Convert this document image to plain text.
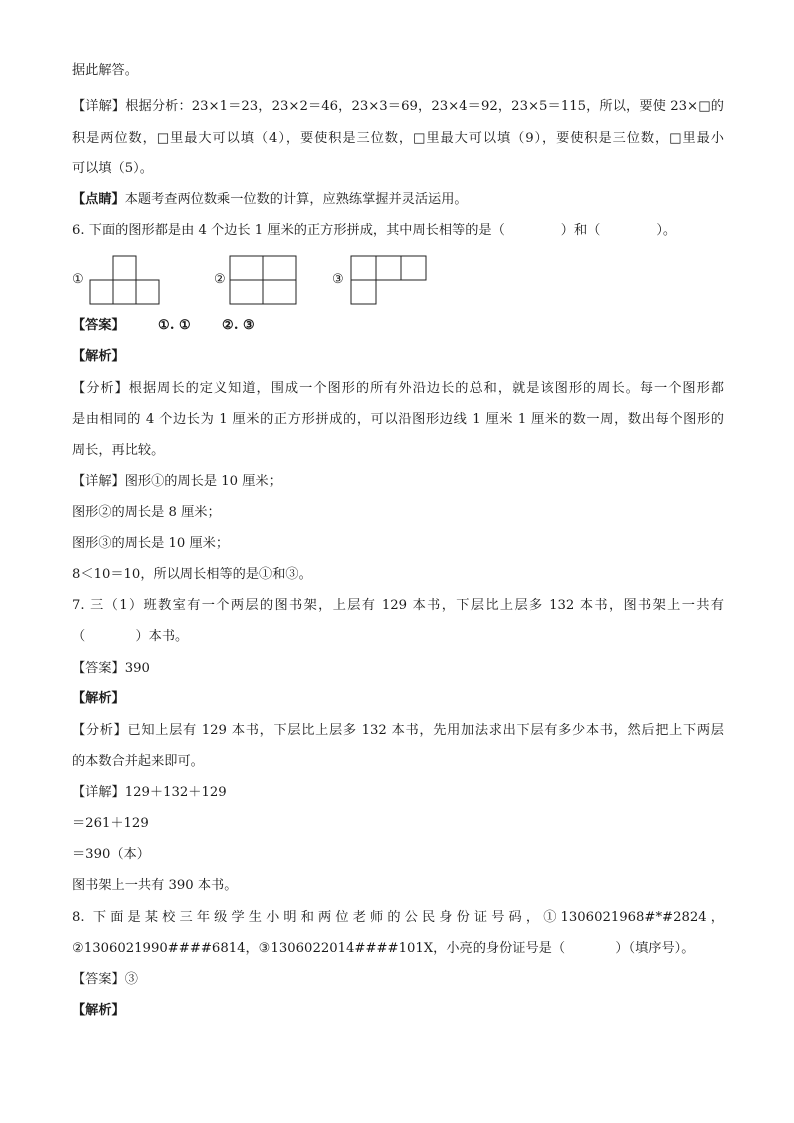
据此解答。
【详解】根据分析：23×1＝23，23×2＝46，23×3＝69，23×4＝92，23×5＝115，所以，要使 23×□的
积是两位数，□里最大可以填（4），要使积是三位数，□里最大可以填（9），要使积是三位数，□里最小
可以填（5）。
【点睛】本题考查两位数乘一位数的计算，应熟练掌握并灵活运用。
6. 下面的图形都是由 4 个边长 1 厘米的正方形拼成，其中周长相等的是（	）和（	）。
①	②	③
【答案】	①. ① ②. ③
【解析】
【分析】根据周长的定义知道，围成一个图形的所有外沿边长的总和，就是该图形的周长。每一个图形都
是由相同的 4 个边长为 1 厘米的正方形拼成的，可以沿图形边线 1 厘米 1 厘米的数一周，数出每个图形的
周长，再比较。
【详解】图形①的周长是 10 厘米；
图形②的周长是 8 厘米；
图形③的周长是 10 厘米；
8＜10＝10，所以周长相等的是①和③。
7. 三（1）班教室有一个两层的图书架，上层有 129 本书，下层比上层多 132 本书，图书架上一共有
（            ）本书。
【答案】390
【解析】
【分析】已知上层有 129 本书，下层比上层多 132 本书，先用加法求出下层有多少本书，然后把上下两层
的本数合并起来即可。
【详解】129＋132＋129
＝261＋129
＝390（本）
图书架上一共有 390 本书。
8. 下面是某校三年级学生小明和两位老师的公民身份证号码，①1306021968#*#2824，
②1306021990####6814，③1306022014####101X，小亮的身份证号是（            ）（填序号）。
【答案】③
【解析】
